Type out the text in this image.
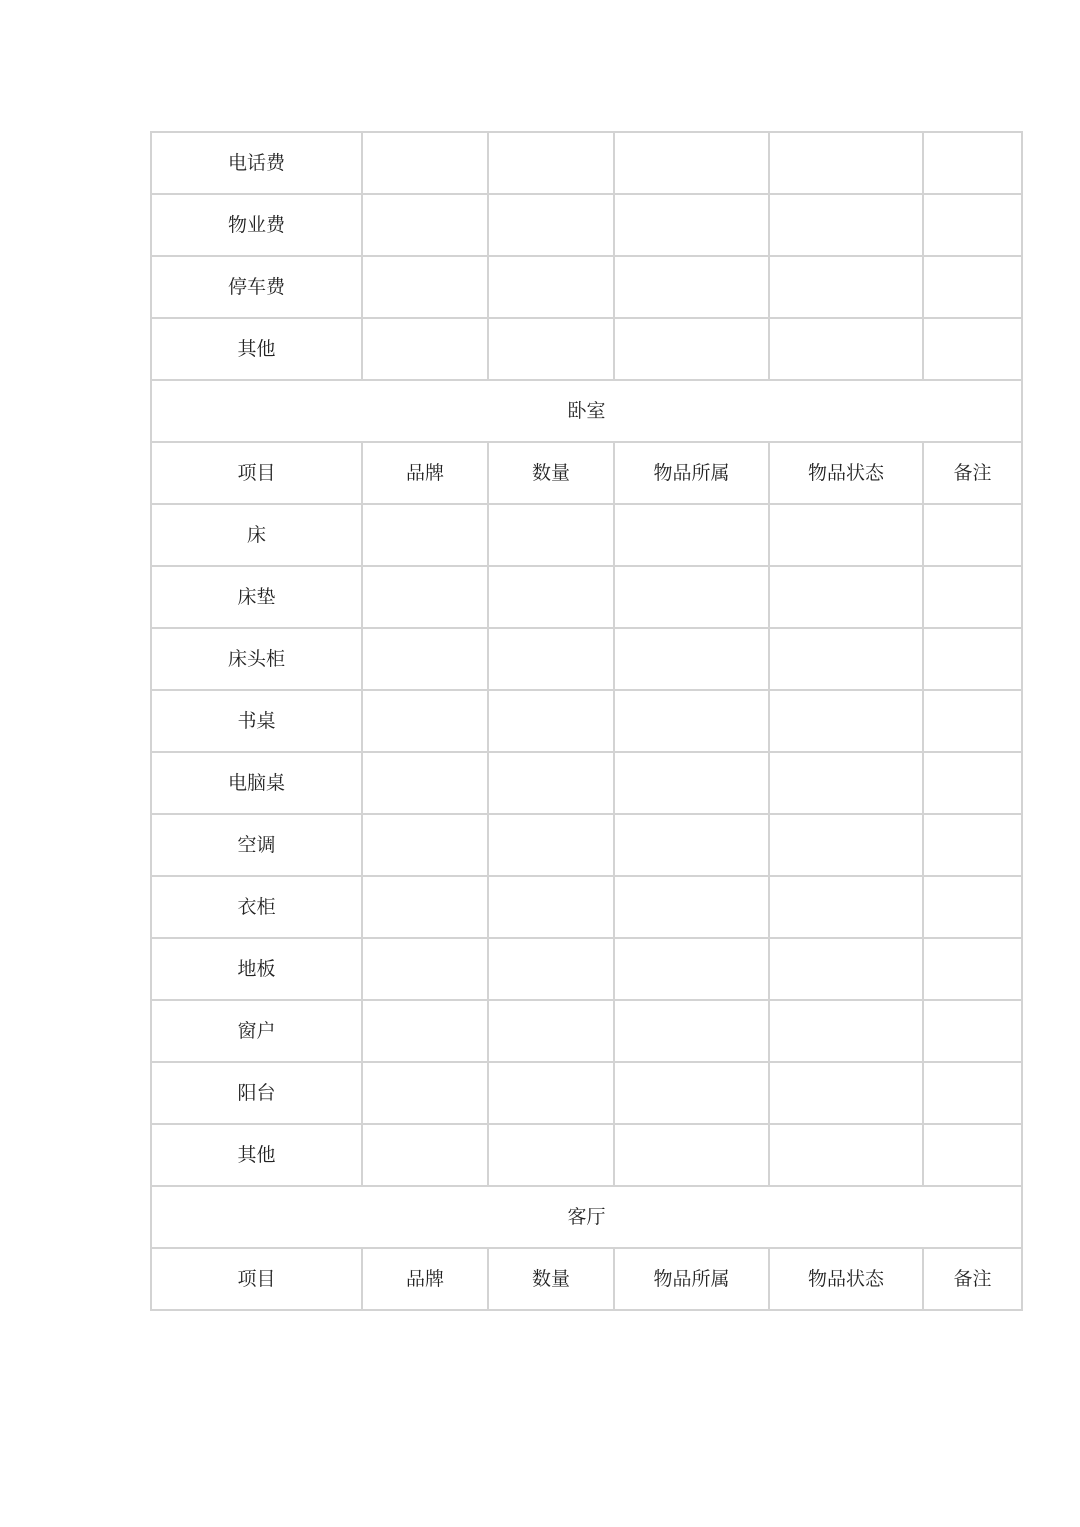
电话费					
物业费					
停车费					
其他					
卧室					
项目	品牌	数量	物品所属	物品状态	备注
床					
床垫					
床头柜					
书桌					
电脑桌					
空调					
衣柜					
地板					
窗户					
阳台					
其他					
客厅					
项目	品牌	数量	物品所属	物品状态	备注
